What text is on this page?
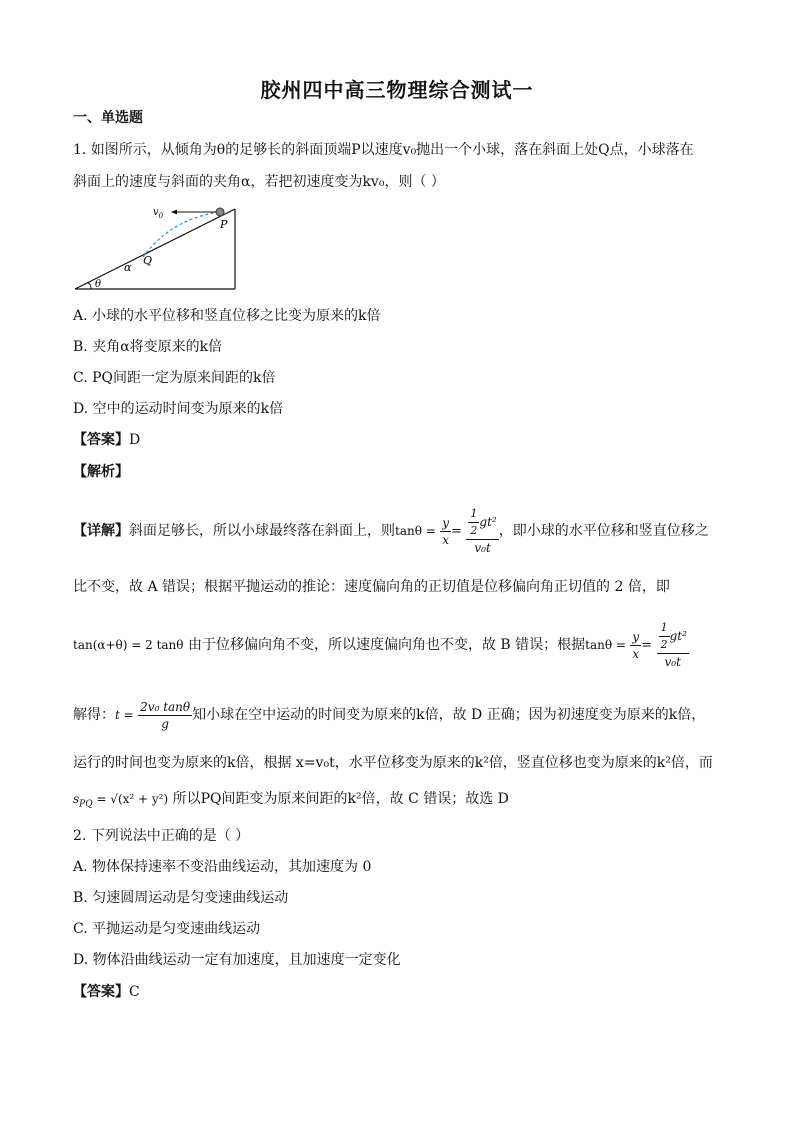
胶州四中高三物理综合测试一
一、单选题
1. 如图所示，从倾角为θ的足够长的斜面顶端P以速度v₀抛出一个小球，落在斜面上处Q点，小球落在
斜面上的速度与斜面的夹角α，若把初速度变为kv₀，则（ ）
$v_0$
P
Q
α
θ
A. 小球的水平位移和竖直位移之比变为原来的k倍
B. 夹角α将变原来的k倍
C. PQ间距一定为原来间距的k倍
D. 空中的运动时间变为原来的k倍
【答案】D
【解析】
【详解】斜面足够长，所以小球最终落在斜面上，则$\tan\theta = \frac{y}{x} = \frac{\frac{1}{2} gt^2}{\text{v₀t}}$ ，即小球的水平位移和竖直位移之
比不变，故 A 错误；根据平抛运动的推论：速度偏向角的正切值是位移偏向角正切值的 2 倍，即
tan(α+θ) = 2 tanθ 由于位移偏向角不变，所以速度偏向角也不变，故 B 错误；根据$\tan\theta = \frac{y}{x} = \frac{\frac{1}{2} gt^2}{\text{v₀t}}$
解得：$t = \frac{\text{2v₀ tanθ}}{g}$ 知小球在空中运动的时间变为原来的k倍，故 D 正确；因为初速度变为原来的k倍，
运行的时间也变为原来的k倍，根据 x=v₀t，水平位移变为原来的k²倍，竖直位移也变为原来的k²倍，而
$s_{PQ} = √(x^2 + y^2)$ 所以PQ间距变为原来间距的k²倍，故 C 错误；故选 D
2. 下列说法中正确的是（ ）
A. 物体保持速率不变沿曲线运动，其加速度为 0
B. 匀速圆周运动是匀变速曲线运动
C. 平抛运动是匀变速曲线运动
D. 物体沿曲线运动一定有加速度，且加速度一定变化
【答案】C
